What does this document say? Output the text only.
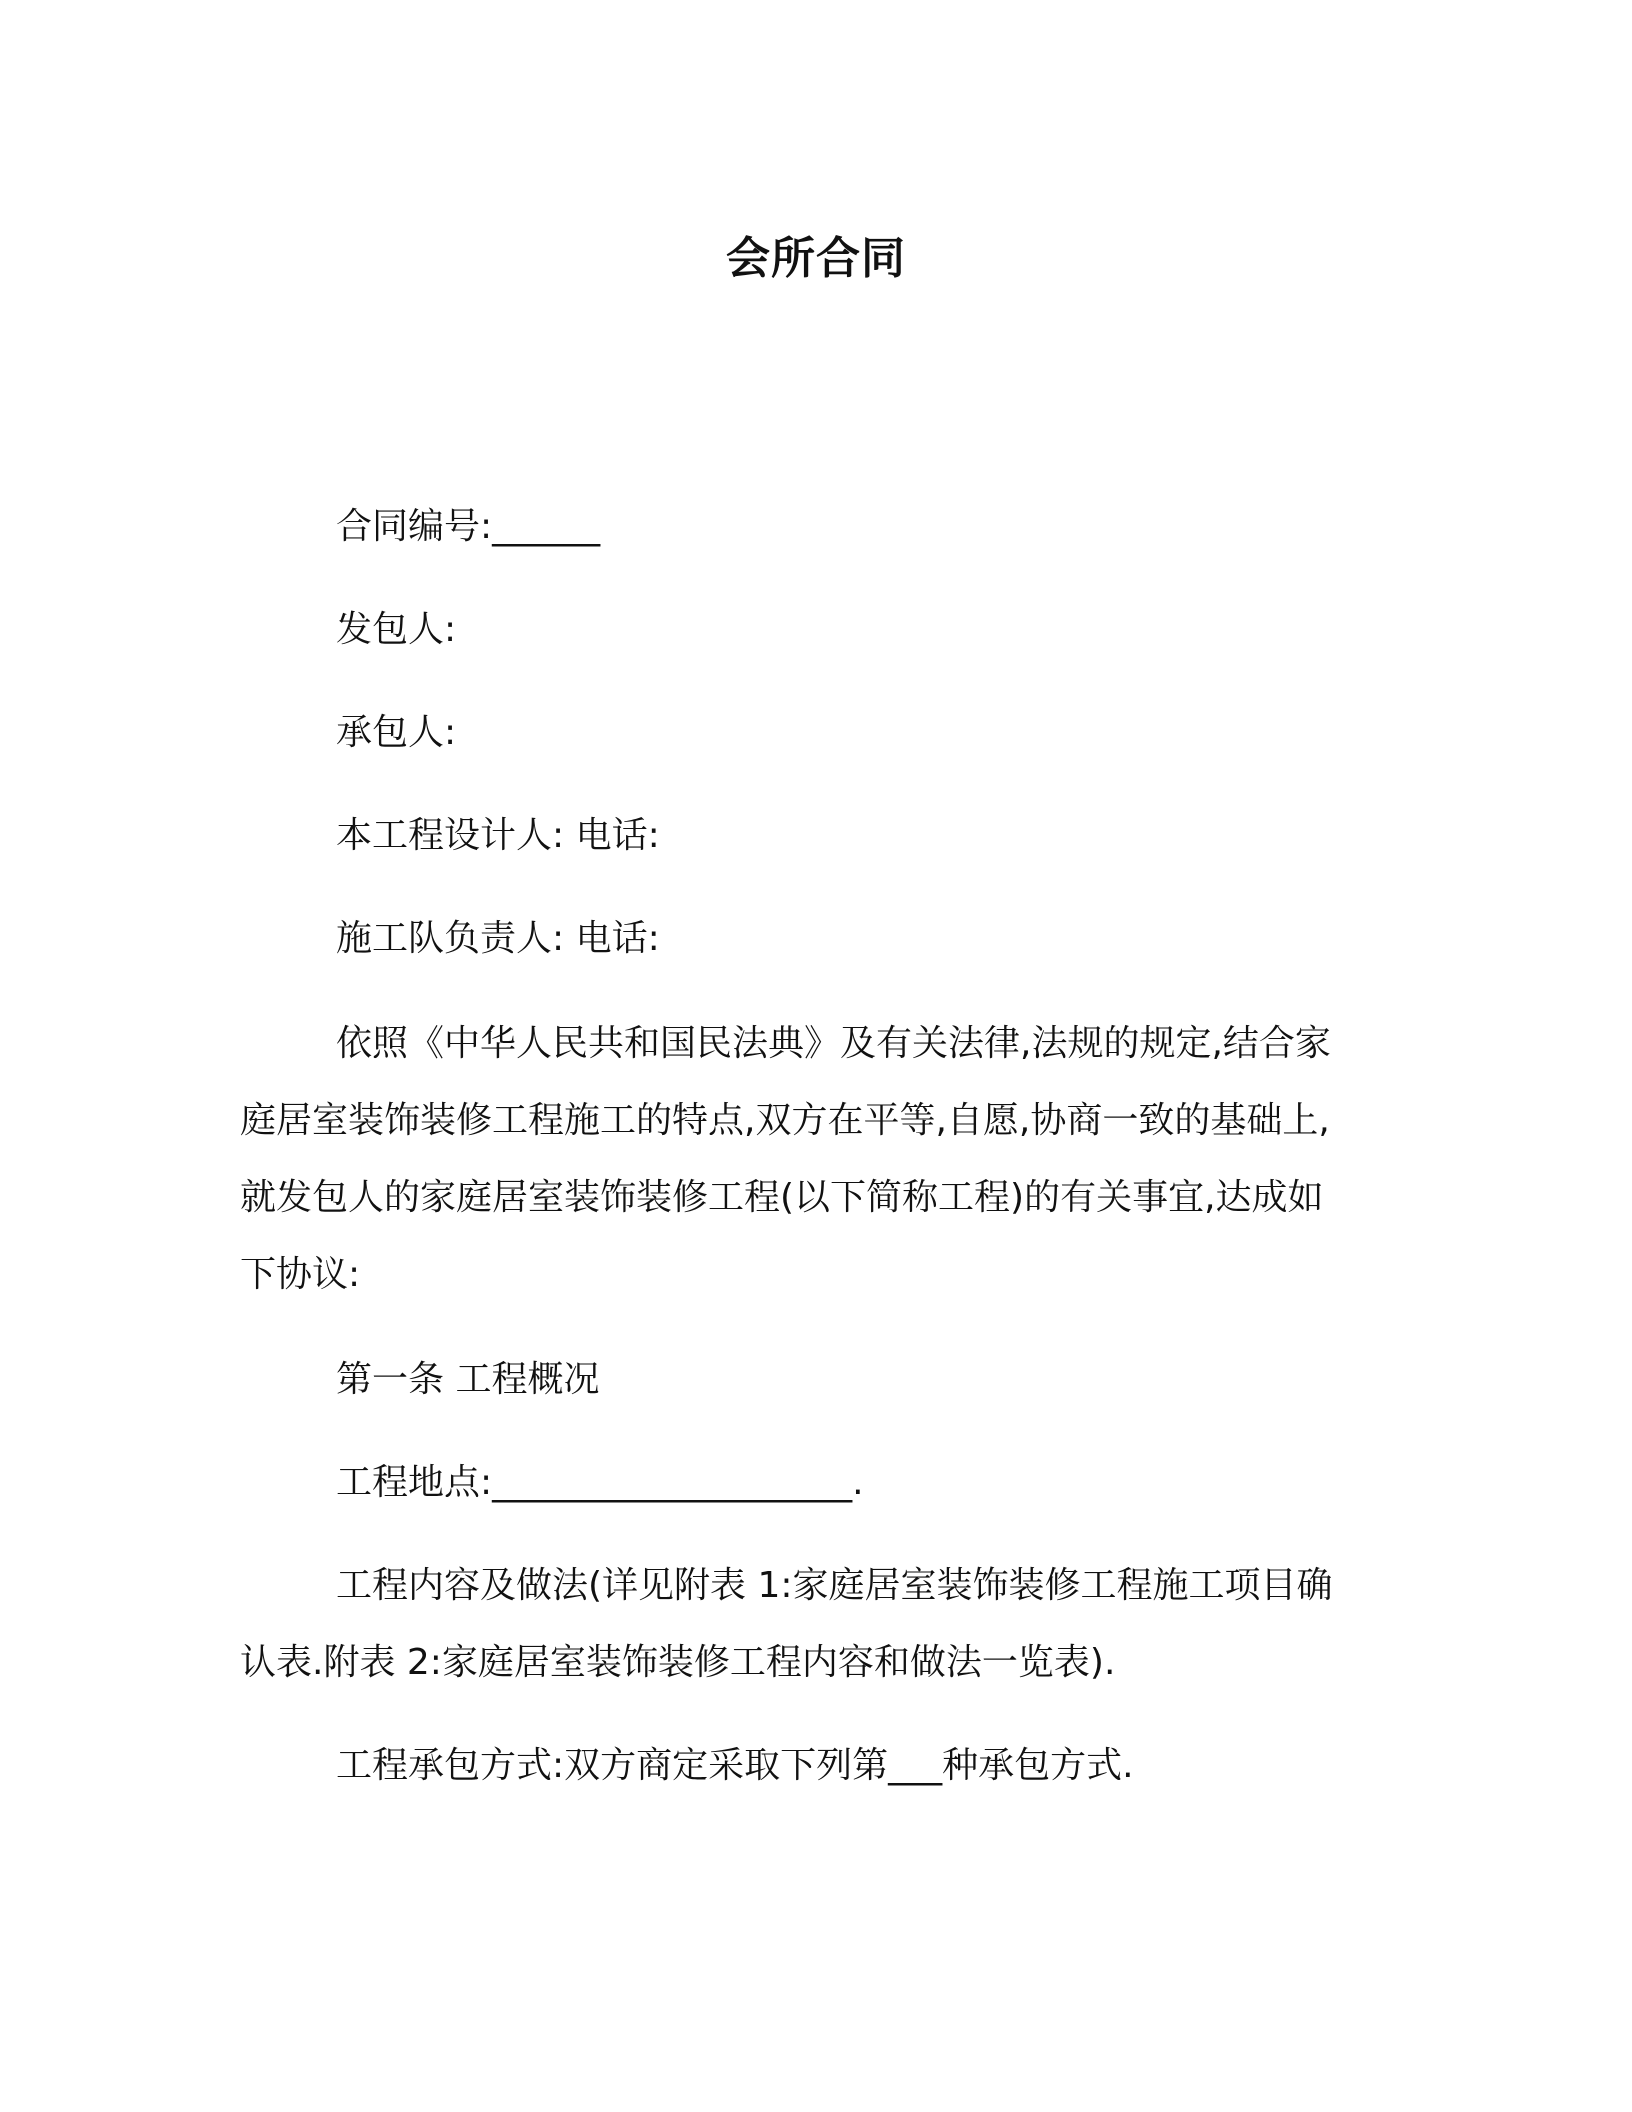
会所合同

合同编号:______

发包人:

承包人:

本工程设计人: 电话:

施工队负责人: 电话:

依照《中华人民共和国民法典》及有关法律,法规的规定,结合家
庭居室装饰装修工程施工的特点,双方在平等,自愿,协商一致的基础上,
就发包人的家庭居室装饰装修工程(以下简称工程)的有关事宜,达成如
下协议:

第一条 工程概况

工程地点:____________________.

工程内容及做法(详见附表 1:家庭居室装饰装修工程施工项目确
认表.附表 2:家庭居室装饰装修工程内容和做法一览表).

工程承包方式:双方商定采取下列第___种承包方式.
